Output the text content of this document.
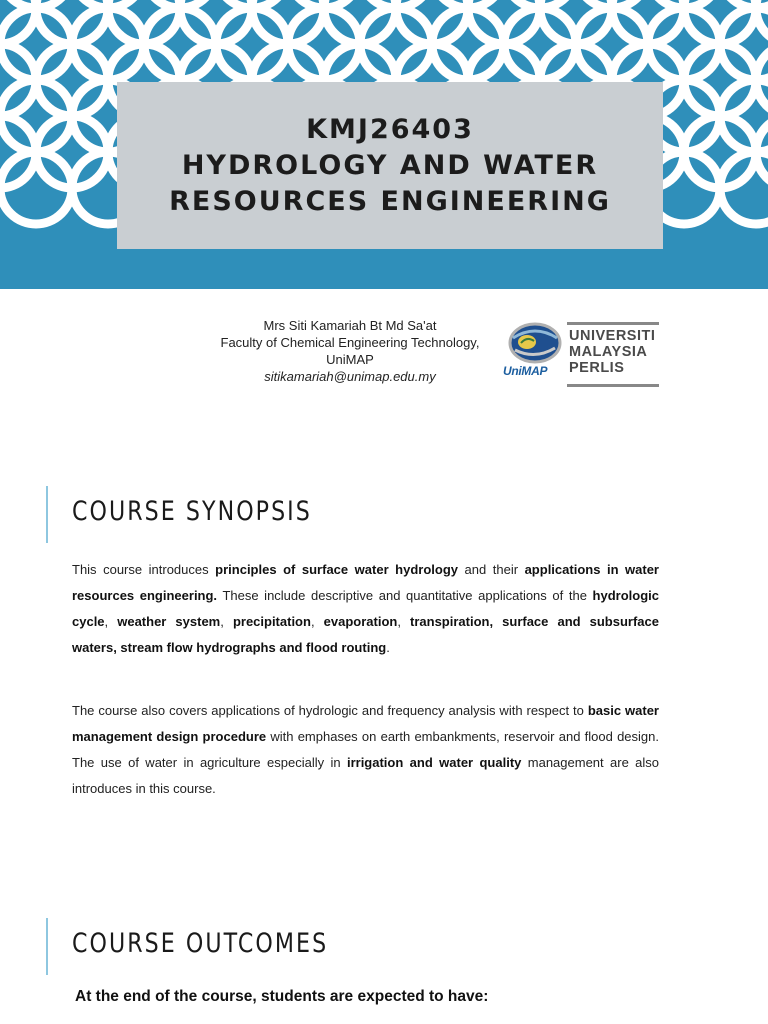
KMJ26403
HYDROLOGY AND WATER
RESOURCES ENGINEERING
Mrs Siti Kamariah Bt Md Sa'at
Faculty of Chemical Engineering Technology,
UniMAP
sitikamariah@unimap.edu.my	UniMAP
UNIVERSITI
MALAYSIA
PERLIS
COURSE SYNOPSIS
This course introduces principles of surface water hydrology and their applications in water resources engineering. These include descriptive and quantitative applications of the hydrologic cycle, weather system, precipitation, evaporation, transpiration, surface and subsurface waters, stream flow hydrographs and flood routing.
The course also covers applications of hydrologic and frequency analysis with respect to basic water management design procedure with emphases on earth embankments, reservoir and flood design. The use of water in agriculture especially in irrigation and water quality management are also introduces in this course.
COURSE OUTCOMES
At the end of the course, students are expected to have:
